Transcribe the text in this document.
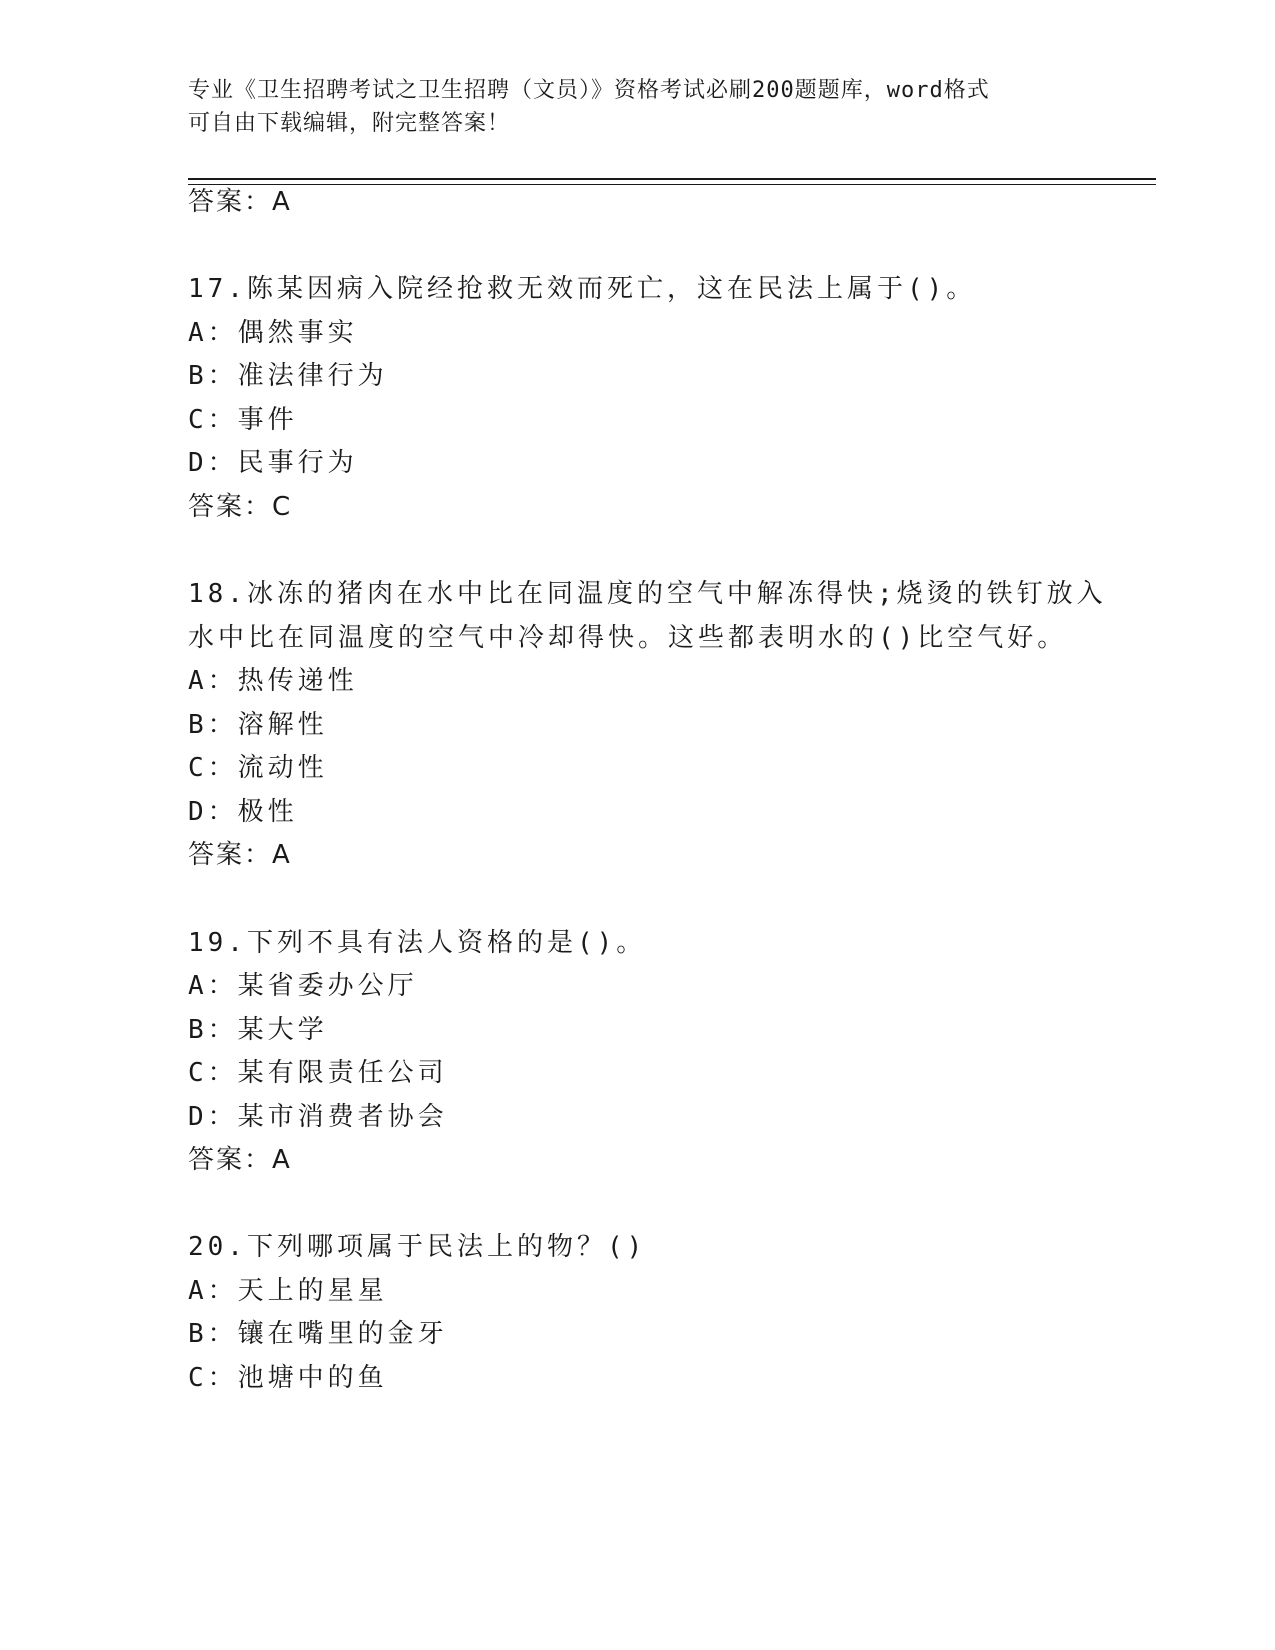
专业《卫生招聘考试之卫生招聘（文员）》资格考试必刷200题题库，word格式
可自由下载编辑，附完整答案！
答案：A
17.陈某因病入院经抢救无效而死亡，这在民法上属于()。
A：偶然事实
B：准法律行为
C：事件
D：民事行为
答案：C
18.冰冻的猪肉在水中比在同温度的空气中解冻得快;烧烫的铁钉放入
水中比在同温度的空气中冷却得快。这些都表明水的()比空气好。
A：热传递性
B：溶解性
C：流动性
D：极性
答案：A
19.下列不具有法人资格的是()。
A：某省委办公厅
B：某大学
C：某有限责任公司
D：某市消费者协会
答案：A
20.下列哪项属于民法上的物？()
A：天上的星星
B：镶在嘴里的金牙
C：池塘中的鱼
